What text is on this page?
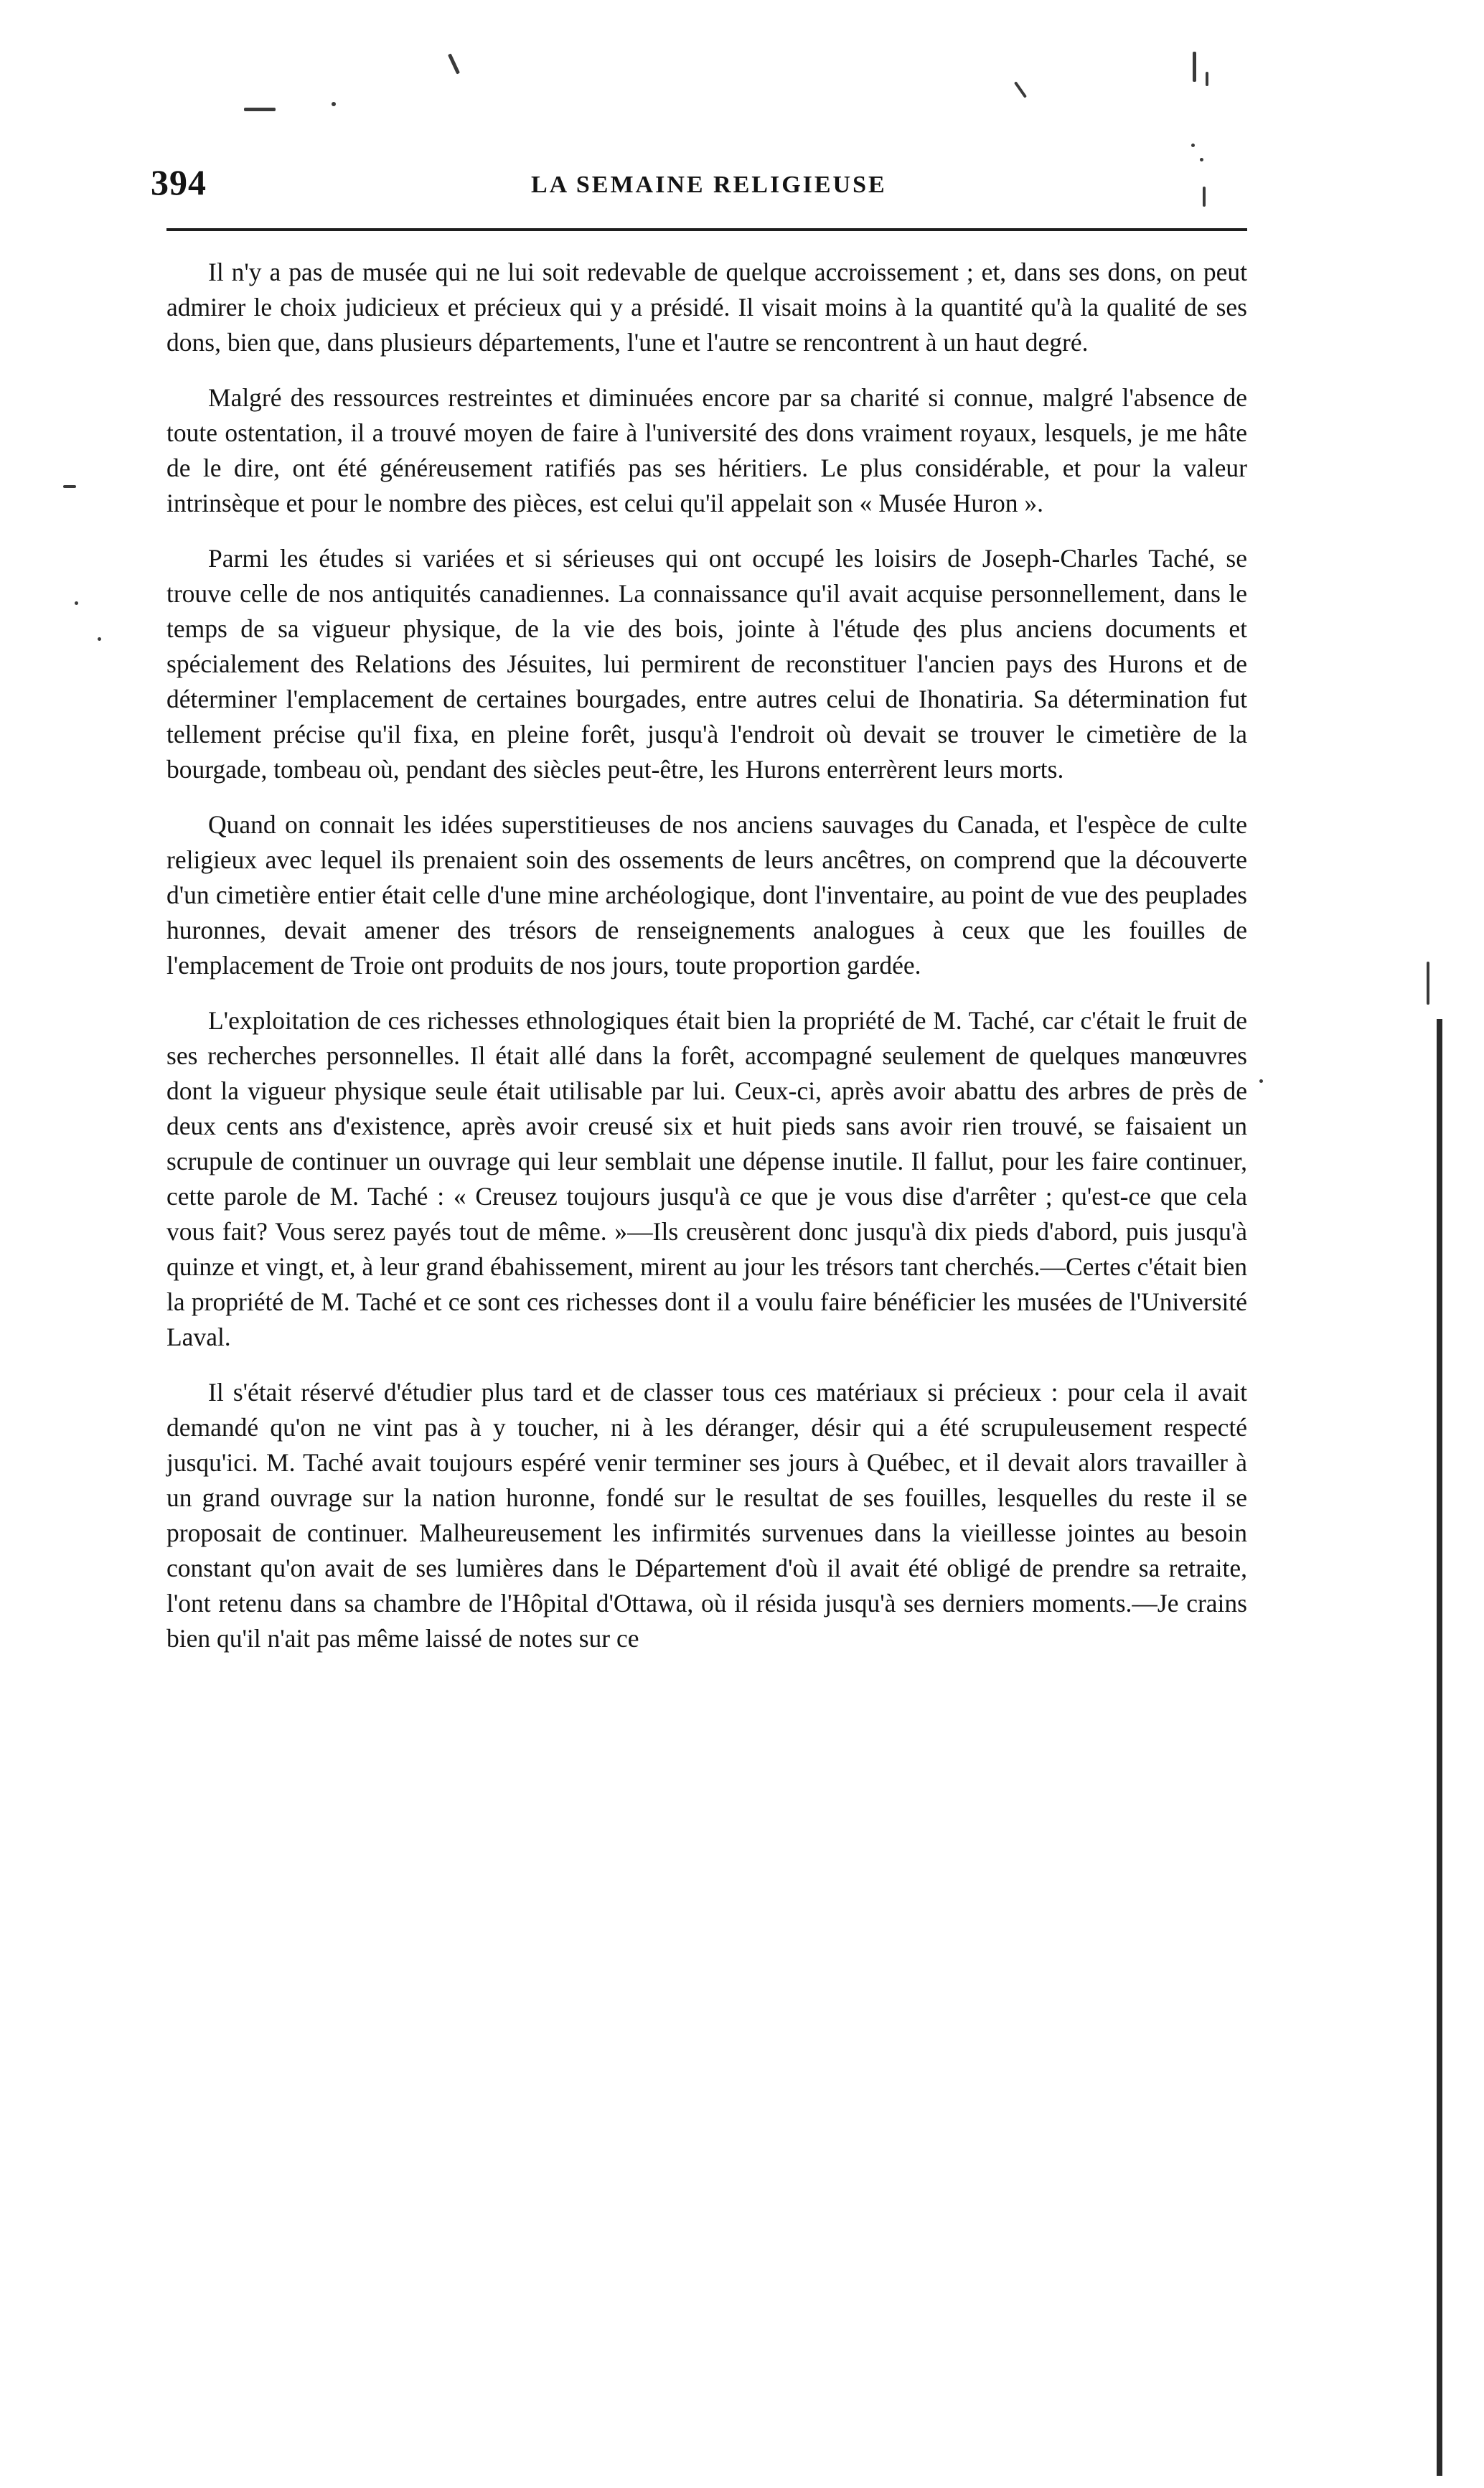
394	LA SEMAINE RELIGIEUSE

Il n'y a pas de musée qui ne lui soit redevable de quelque accroissement ; et, dans ses dons, on peut admirer le choix judicieux et précieux qui y a présidé. Il visait moins à la quantité qu'à la qualité de ses dons, bien que, dans plusieurs départements, l'une et l'autre se rencontrent à un haut degré.

Malgré des ressources restreintes et diminuées encore par sa charité si connue, malgré l'absence de toute ostentation, il a trouvé moyen de faire à l'université des dons vraiment royaux, lesquels, je me hâte de le dire, ont été généreusement ratifiés pas ses héritiers. Le plus considérable, et pour la valeur intrinsèque et pour le nombre des pièces, est celui qu'il appelait son « Musée Huron ».

Parmi les études si variées et si sérieuses qui ont occupé les loisirs de Joseph-Charles Taché, se trouve celle de nos antiquités canadiennes. La connaissance qu'il avait acquise personnellement, dans le temps de sa vigueur physique, de la vie des bois, jointe à l'étude des plus anciens documents et spécialement des Relations des Jésuites, lui permirent de reconstituer l'ancien pays des Hurons et de déterminer l'emplacement de certaines bourgades, entre autres celui de Ihonatiria. Sa détermination fut tellement précise qu'il fixa, en pleine forêt, jusqu'à l'endroit où devait se trouver le cimetière de la bourgade, tombeau où, pendant des siècles peut-être, les Hurons enterrèrent leurs morts.

Quand on connait les idées superstitieuses de nos anciens sauvages du Canada, et l'espèce de culte religieux avec lequel ils prenaient soin des ossements de leurs ancêtres, on comprend que la découverte d'un cimetière entier était celle d'une mine archéologique, dont l'inventaire, au point de vue des peuplades huronnes, devait amener des trésors de renseignements analogues à ceux que les fouilles de l'emplacement de Troie ont produits de nos jours, toute proportion gardée.

L'exploitation de ces richesses ethnologiques était bien la propriété de M. Taché, car c'était le fruit de ses recherches personnelles. Il était allé dans la forêt, accompagné seulement de quelques manœuvres dont la vigueur physique seule était utilisable par lui. Ceux-ci, après avoir abattu des arbres de près de deux cents ans d'existence, après avoir creusé six et huit pieds sans avoir rien trouvé, se faisaient un scrupule de continuer un ouvrage qui leur semblait une dépense inutile. Il fallut, pour les faire continuer, cette parole de M. Taché : « Creusez toujours jusqu'à ce que je vous dise d'arrêter ; qu'est-ce que cela vous fait? Vous serez payés tout de même. »—Ils creusèrent donc jusqu'à dix pieds d'abord, puis jusqu'à quinze et vingt, et, à leur grand ébahissement, mirent au jour les trésors tant cherchés.—Certes c'était bien la propriété de M. Taché et ce sont ces richesses dont il a voulu faire bénéficier les musées de l'Université Laval.

Il s'était réservé d'étudier plus tard et de classer tous ces matériaux si précieux : pour cela il avait demandé qu'on ne vint pas à y toucher, ni à les déranger, désir qui a été scrupuleusement respecté jusqu'ici. M. Taché avait toujours espéré venir terminer ses jours à Québec, et il devait alors travailler à un grand ouvrage sur la nation huronne, fondé sur le resultat de ses fouilles, lesquelles du reste il se proposait de continuer. Malheureusement les infirmités survenues dans la vieillesse jointes au besoin constant qu'on avait de ses lumières dans le Département d'où il avait été obligé de prendre sa retraite, l'ont retenu dans sa chambre de l'Hôpital d'Ottawa, où il résida jusqu'à ses derniers moments.—Je crains bien qu'il n'ait pas même laissé de notes sur ce
